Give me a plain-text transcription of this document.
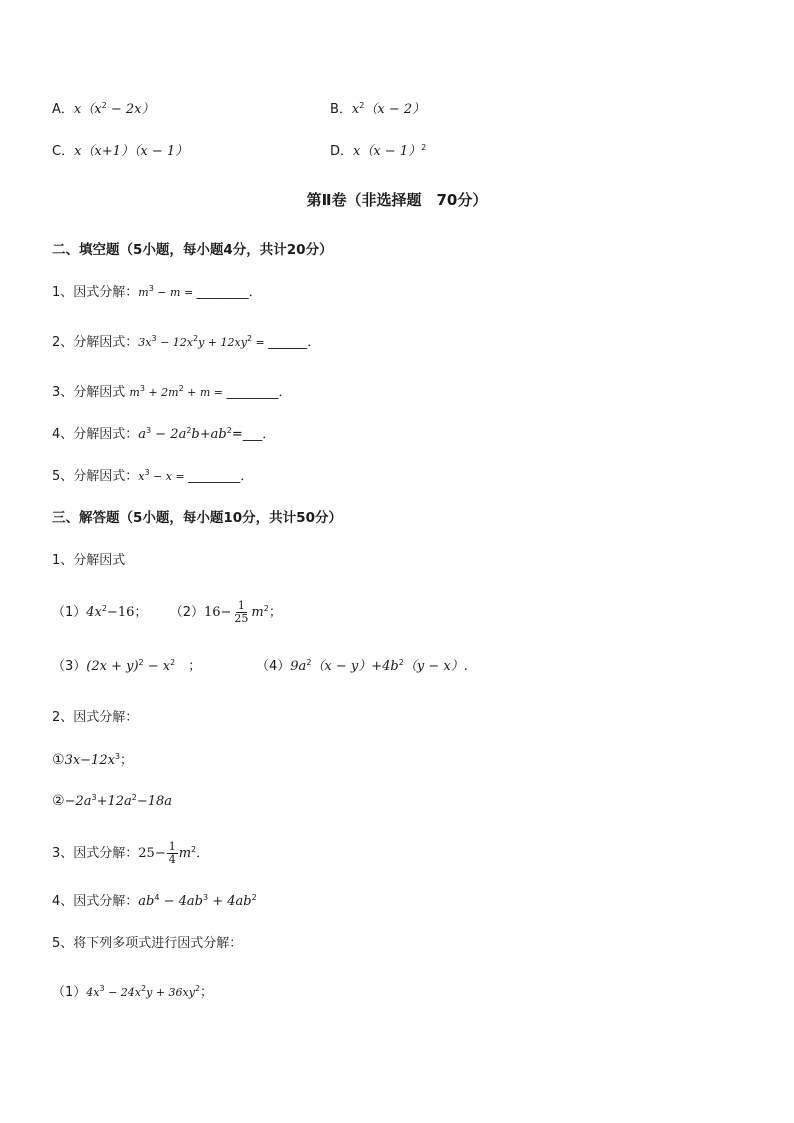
A．$x(x^2 - 2x)$	B．$x^2(x - 2)$
C．x（x+1）（x − 1）	D．$x(x - 1)^2$
第Ⅱ卷（非选择题　70分）
二、填空题（5小题，每小题4分，共计20分）
1、因式分解：$m^3 - m$ = ________．
2、分解因式：$3x^3 - 12x^2y + 12xy^2$ = ______．
3、分解因式 $m^3 + 2m^2 + m$ = ________．
4、分解因式：$a^3$ − $2a^2b+ab^2=\_\_\_$．
5、分解因式：$x^3 - x$ = ________．
三、解答题（5小题，每小题10分，共计50分）
1、分解因式
$(1)4x^2-16$； $(2)16- \frac{1}{25} m^2$；
$(3)(2x + y)^2 - x^2$　；	$(4)9a^2(x - y)+4b^2(y - x)$.
2、因式分解：
$①3x-12x^3$；
$②-2a^3+12a^2-18a$
3、因式分解：$25- \frac{1}{4} m^2$．
4、因式分解：$ab^4 - 4ab^3 + 4ab^2$
5、将下列多项式进行因式分解：
$(1)4x^3 - 24x^2y + 36xy^2$；
